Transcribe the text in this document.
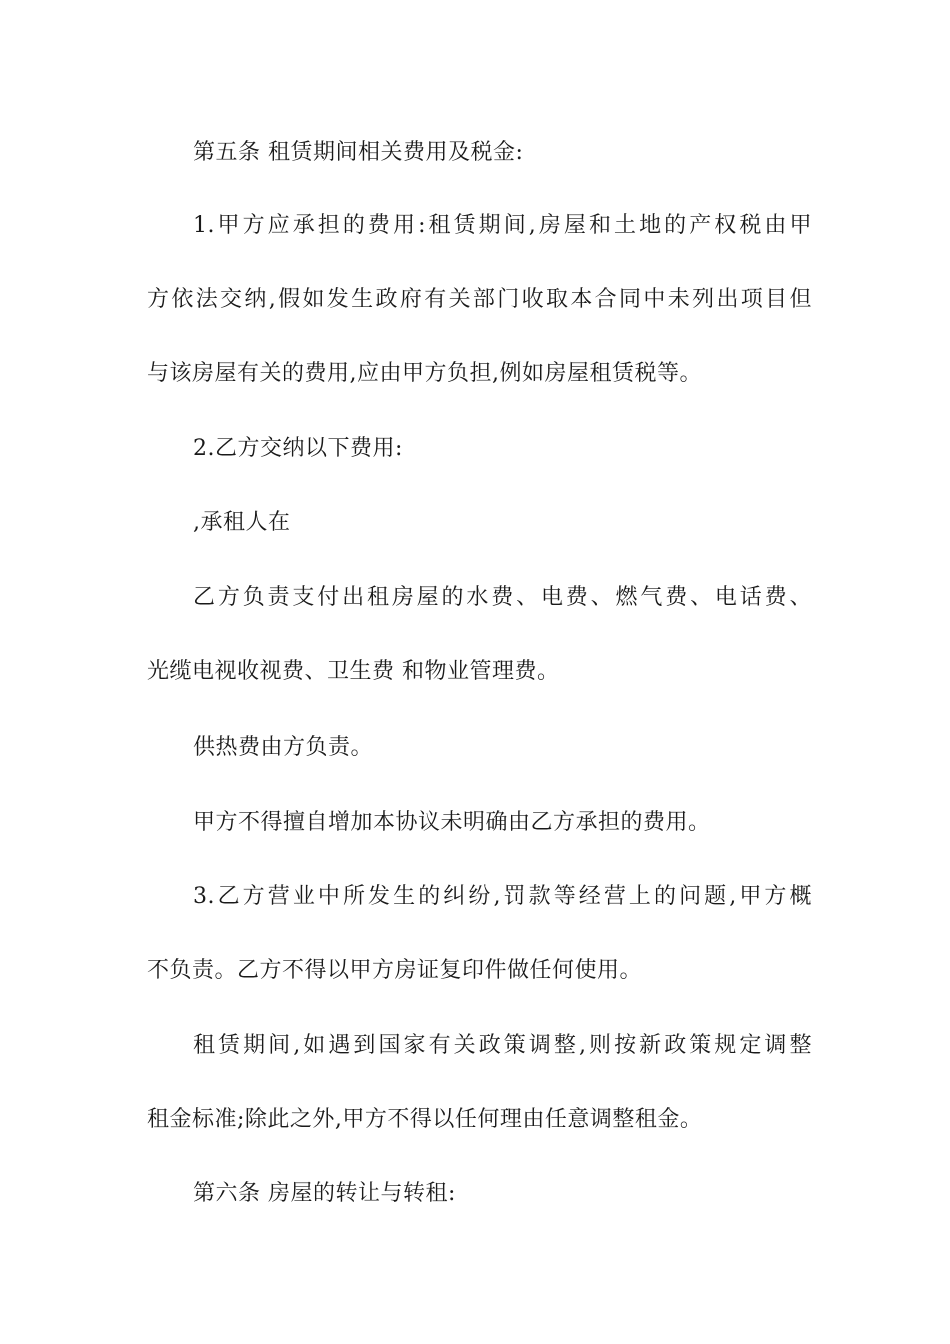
第五条 租赁期间相关费用及税金:
1.甲方应承担的费用:租赁期间,房屋和土地的产权税由甲
方依法交纳,假如发生政府有关部门收取本合同中未列出项目但
与该房屋有关的费用,应由甲方负担,例如房屋租赁税等。
2.乙方交纳以下费用:
,承租人在
乙方负责支付出租房屋的水费、电费、燃气费、电话费、
光缆电视收视费、卫生费 和物业管理费。
供热费由方负责。
甲方不得擅自增加本协议未明确由乙方承担的费用。
3.乙方营业中所发生的纠纷,罚款等经营上的问题,甲方概
不负责。乙方不得以甲方房证复印件做任何使用。
租赁期间,如遇到国家有关政策调整,则按新政策规定调整
租金标准;除此之外,甲方不得以任何理由任意调整租金。
第六条 房屋的转让与转租:
